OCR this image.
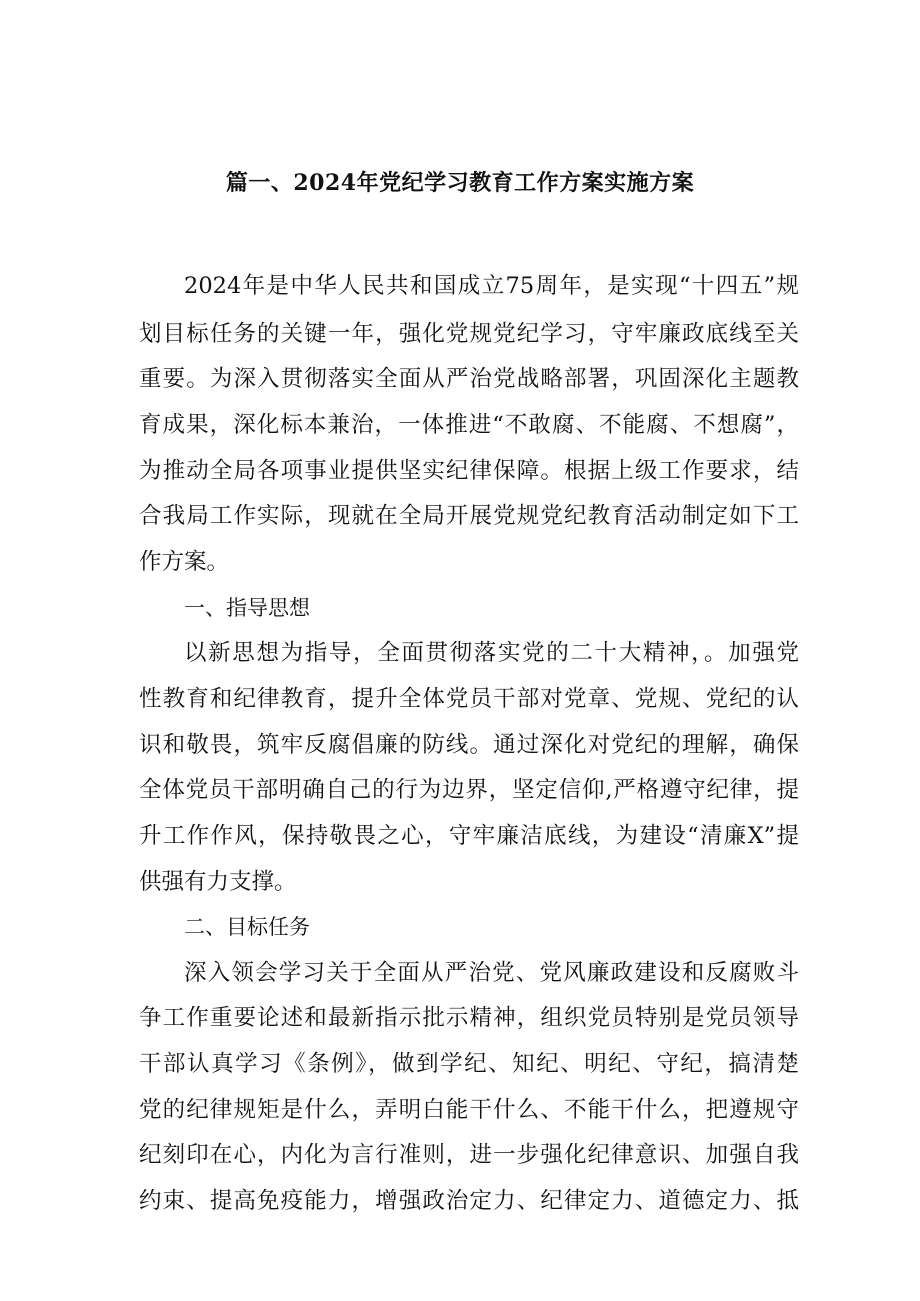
篇一、2024年党纪学习教育工作方案实施方案
2024年是中华人民共和国成立75周年，是实现“十四五”规
划目标任务的关键一年，强化党规党纪学习，守牢廉政底线至关
重要。为深入贯彻落实全面从严治党战略部署，巩固深化主题教
育成果，深化标本兼治，一体推进“不敢腐、不能腐、不想腐”，
为推动全局各项事业提供坚实纪律保障。根据上级工作要求，结
合我局工作实际，现就在全局开展党规党纪教育活动制定如下工
作方案。
一、指导思想
以新思想为指导，全面贯彻落实党的二十大精神，。加强党
性教育和纪律教育，提升全体党员干部对党章、党规、党纪的认
识和敬畏，筑牢反腐倡廉的防线。通过深化对党纪的理解，确保
全体党员干部明确自己的行为边界，坚定信仰,严格遵守纪律，提
升工作作风，保持敬畏之心，守牢廉洁底线，为建设“清廉X”提
供强有力支撑。
二、目标任务
深入领会学习关于全面从严治党、党风廉政建设和反腐败斗
争工作重要论述和最新指示批示精神，组织党员特别是党员领导
干部认真学习《条例》，做到学纪、知纪、明纪、守纪，搞清楚
党的纪律规矩是什么，弄明白能干什么、不能干什么，把遵规守
纪刻印在心，内化为言行准则，进一步强化纪律意识、加强自我
约束、提高免疫能力，增强政治定力、纪律定力、道德定力、抵
